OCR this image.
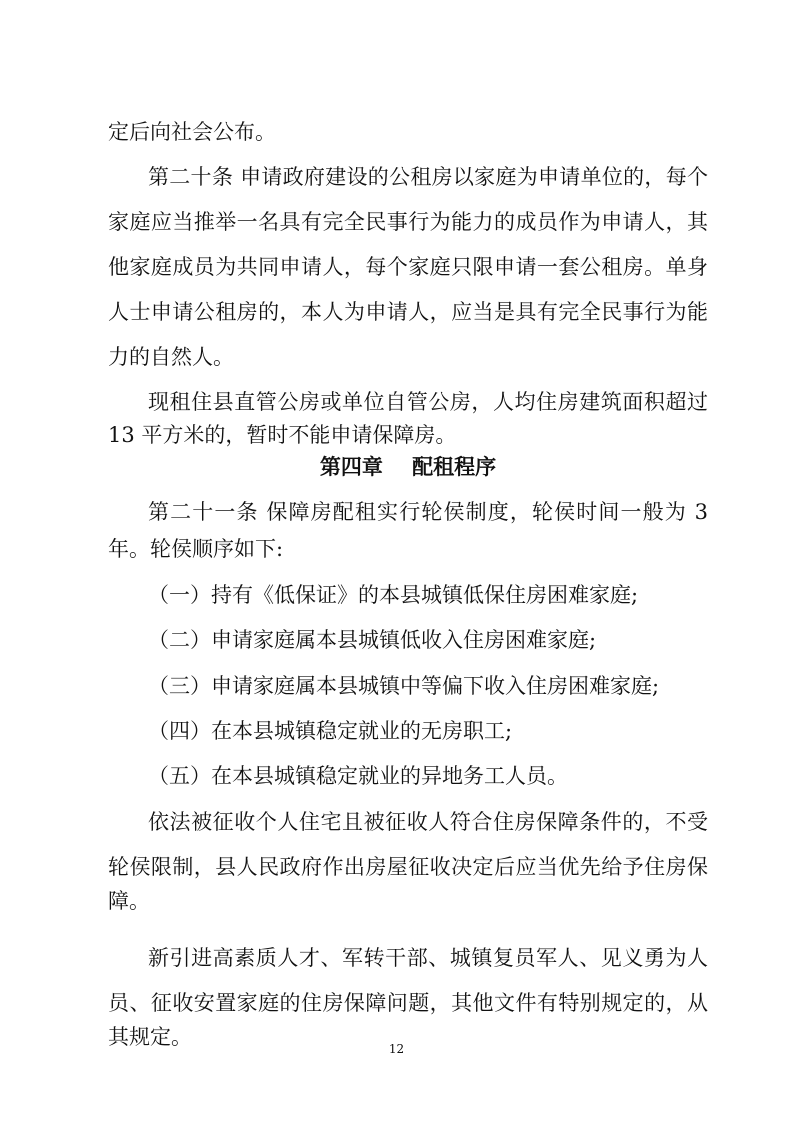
定后向社会公布。
第二十条 申请政府建设的公租房以家庭为申请单位的，每个
家庭应当推举一名具有完全民事行为能力的成员作为申请人，其
他家庭成员为共同申请人，每个家庭只限申请一套公租房。单身
人士申请公租房的，本人为申请人，应当是具有完全民事行为能
力的自然人。
现租住县直管公房或单位自管公房，人均住房建筑面积超过
13 平方米的，暂时不能申请保障房。
第四章    配租程序
第二十一条 保障房配租实行轮侯制度，轮侯时间一般为 3
年。轮侯顺序如下:
（一）持有《低保证》的本县城镇低保住房困难家庭;
（二）申请家庭属本县城镇低收入住房困难家庭;
（三）申请家庭属本县城镇中等偏下收入住房困难家庭;
（四）在本县城镇稳定就业的无房职工;
（五）在本县城镇稳定就业的异地务工人员。
依法被征收个人住宅且被征收人符合住房保障条件的，不受
轮侯限制，县人民政府作出房屋征收决定后应当优先给予住房保
障。
新引进高素质人才、军转干部、城镇复员军人、见义勇为人
员、征收安置家庭的住房保障问题，其他文件有特别规定的，从
其规定。	12
